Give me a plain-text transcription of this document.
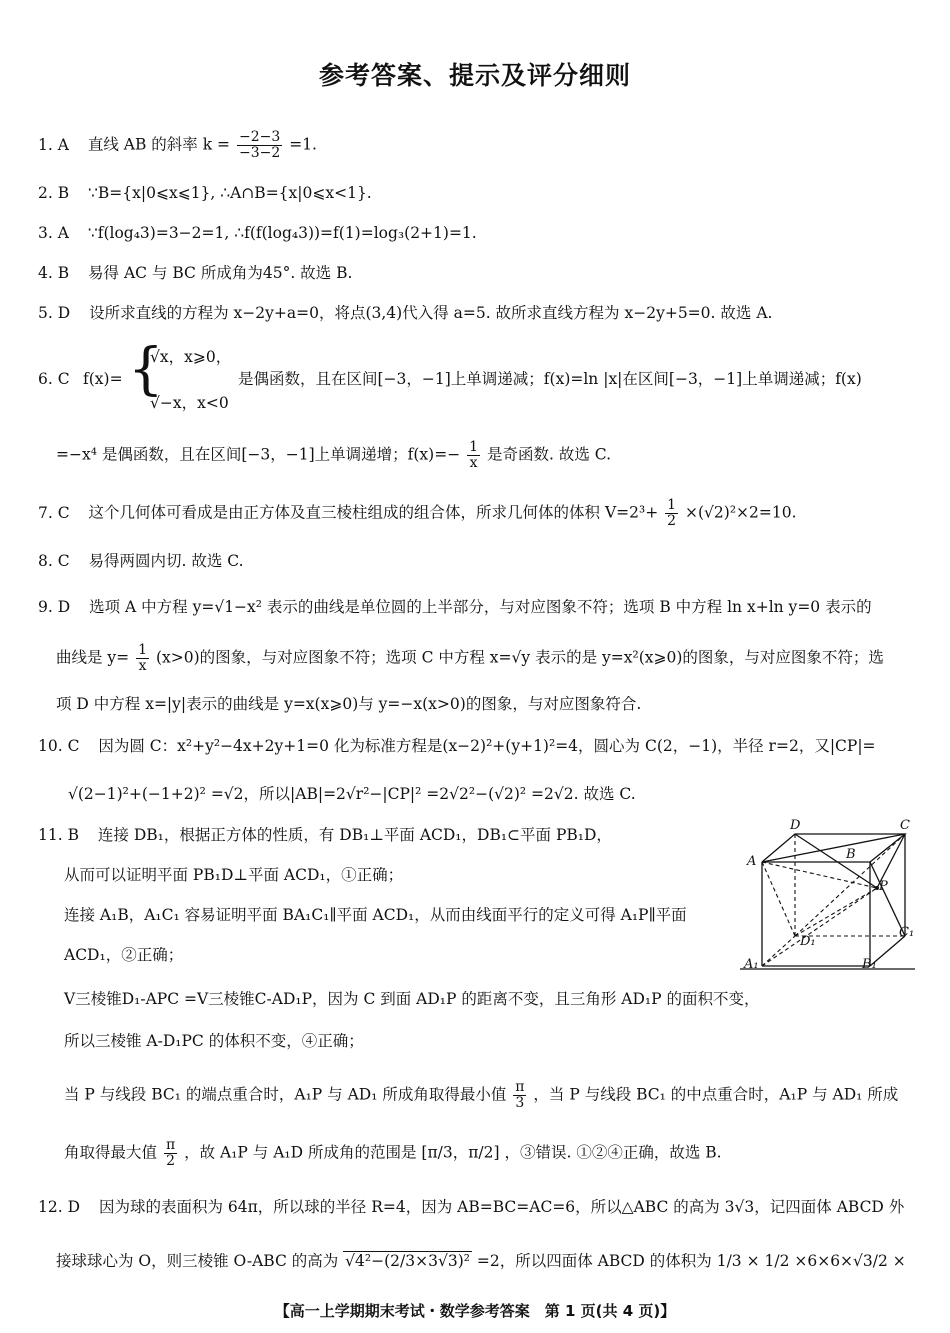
参考答案、提示及评分细则
1. A 直线 AB 的斜率 $k = \frac{-2-3}{-3-2} =1$.
2. B ∵B={x|0⩽x⩽1}, ∴A∩B={x|0⩽x<1}.
3. A ∵f(log₄3)=3−2=1, ∴f(f(log₄3))=f(1)=log₃(2+1)=1.
4. B 易得 AC 与 BC 所成角为45°. 故选 B.
5. D 设所求直线的方程为 x−2y+a=0，将点(3,4)代入得 a=5. 故所求直线方程为 x−2y+5=0. 故选 A.
6. C f(x)= {
√x，x⩾0，
√−x，x<0
是偶函数，且在区间[−3，−1]上单调递减；f(x)=ln |x|在区间[−3，−1]上单调递减；f(x)
=−x⁴ 是偶函数，且在区间[−3，−1]上单调递增；$f(x)=- \frac{1}{x}$ 是奇函数. 故选 C.
7. C 这个几何体可看成是由正方体及直三棱柱组成的组合体，所求几何体的体积 $V=2^3+ \frac{1}{2} \times(√2)^2\times 2=10$.
8. C 易得两圆内切. 故选 C.
9. D 选项 A 中方程 y=√1−x² 表示的曲线是单位圆的上半部分，与对应图象不符；选项 B 中方程 ln x+ln y=0 表示的
曲线是 $y= \frac{1}{x} (x>0)$的图象，与对应图象不符；选项 C 中方程 x=√y 表示的是 y=x²(x⩾0)的图象，与对应图象不符；选
项 D 中方程 x=|y|表示的曲线是 y=x(x⩾0)与 y=−x(x>0)的图象，与对应图象符合.
10. C 因为圆 C：x²+y²−4x+2y+1=0 化为标准方程是(x−2)²+(y+1)²=4，圆心为 C(2，−1)，半径 r=2，又|CP|=
√(2−1)²+(−1+2)² =√2，所以|AB|=2√r²−|CP|² =2√2²−(√2)² =2√2. 故选 C.
11. B 连接 DB₁，根据正方体的性质，有 DB₁⊥平面 ACD₁，DB₁⊂平面 PB₁D，
从而可以证明平面 PB₁D⊥平面 ACD₁，①正确；
连接 A₁B，A₁C₁ 容易证明平面 BA₁C₁∥平面 ACD₁，从而由线面平行的定义可得 A₁P∥平面
ACD₁，②正确；
V三棱锥D₁-APC =V三棱锥C-AD₁P，因为 C 到面 AD₁P 的距离不变，且三角形 AD₁P 的面积不变，
所以三棱锥 A-D₁PC 的体积不变，④正确；
当 P 与线段 BC₁ 的端点重合时，A₁P 与 AD₁ 所成角取得最小值 $\frac{\pi}{3}$ ，当 P 与线段 BC₁ 的中点重合时，A₁P 与 AD₁ 所成
角取得最大值 $\frac{\pi}{2}$ ，故 A₁P 与 A₁D 所成角的范围是 [π/3，π/2] ，③错误. ①②④正确，故选 B.
D	C
A	B
P
D₁
C₁
A₁	B₁
12. D 因为球的表面积为 64π，所以球的半径 R=4，因为 AB=BC=AC=6，所以△ABC 的高为 3√3，记四面体 ABCD 外
接球球心为 O，则三棱锥 O-ABC 的高为 √4²−(2/3×3√3)² =2，所以四面体 ABCD 的体积为 1/3 × 1/2 ×6×6×√3/2 ×
【高一上学期期末考试・数学参考答案　第 1 页(共 4 页)】
